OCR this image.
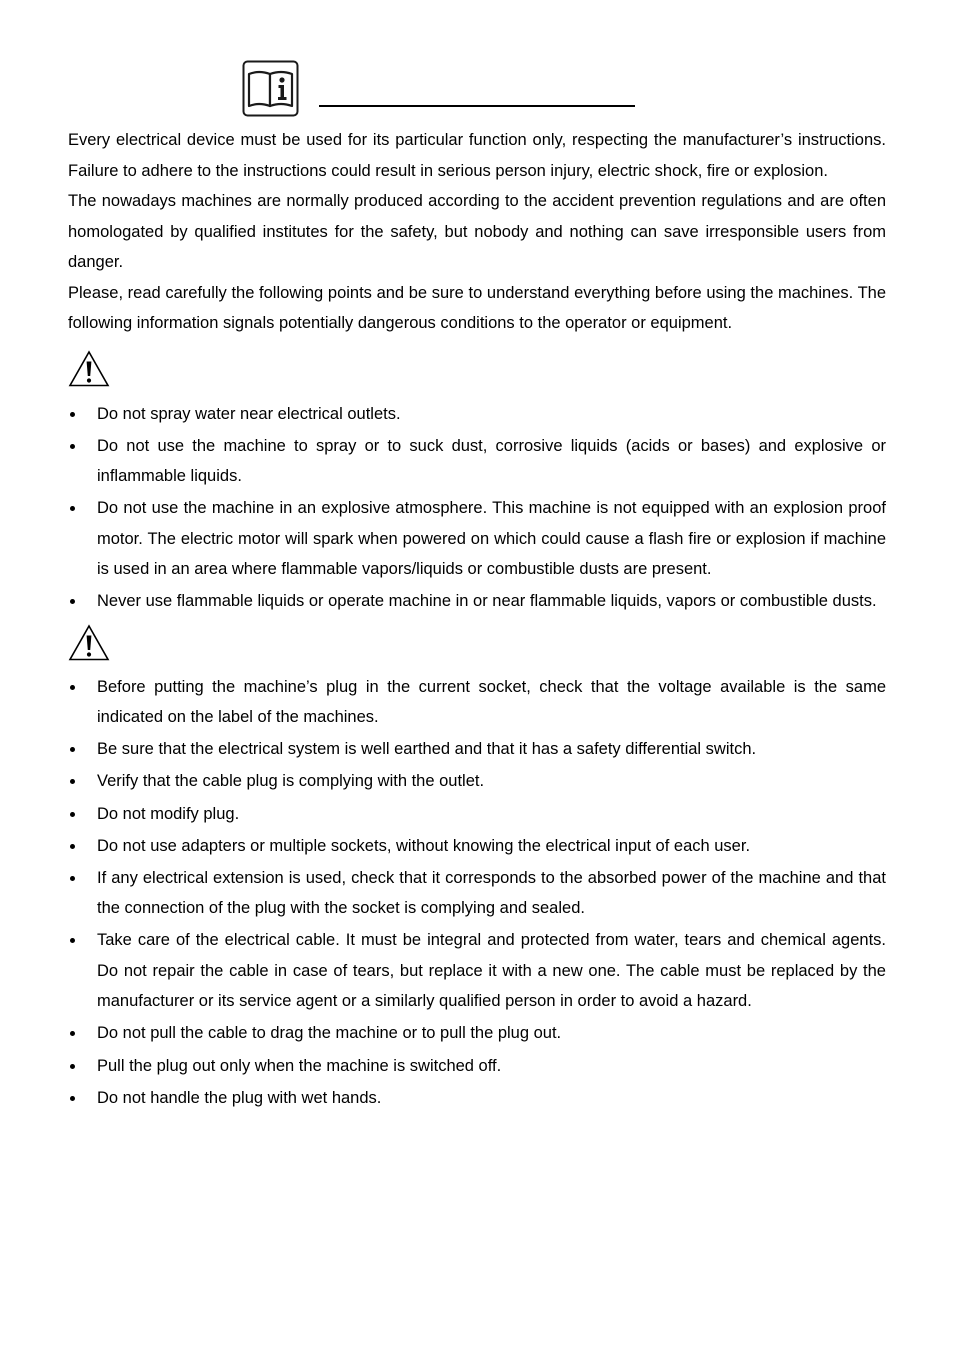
Every electrical device must be used for its particular function only, respecting the manufacturer’s instructions. Failure to adhere to the instructions could result in serious person injury, electric shock, fire or explosion.

The nowadays machines are normally produced according to the accident prevention regulations and are often homologated by qualified institutes for the safety, but nobody and nothing can save irresponsible users from danger.

Please, read carefully the following points and be sure to understand everything before using the machines. The following information signals potentially dangerous conditions to the operator or equipment.

Do not spray water near electrical outlets.
Do not use the machine to spray or to suck dust, corrosive liquids (acids or bases) and explosive or inflammable liquids.
Do not use the machine in an explosive atmosphere. This machine is not equipped with an explosion proof motor. The electric motor will spark when powered on which could cause a flash fire or explosion if machine is used in an area where flammable vapors/liquids or combustible dusts are present.
Never use flammable liquids or operate machine in or near flammable liquids, vapors or combustible dusts.
Before putting the machine’s plug in the current socket, check that the voltage available is the same indicated on the label of the machines.
Be sure that the electrical system is well earthed and that it has a safety differential switch.
Verify that the cable plug is complying with the outlet.
Do not modify plug.
Do not use adapters or multiple sockets, without knowing the electrical input of each user.
If any electrical extension is used, check that it corresponds to the absorbed power of the machine and that the connection of the plug with the socket is complying and sealed.
Take care of the electrical cable. It must be integral and protected from water, tears and chemical agents. Do not repair the cable in case of tears, but replace it with a new one. The cable must be replaced by the manufacturer or its service agent or a similarly qualified person in order to avoid a hazard.
Do not pull the cable to drag the machine or to pull the plug out.
Pull the plug out only when the machine is switched off.
Do not handle the plug with wet hands.
